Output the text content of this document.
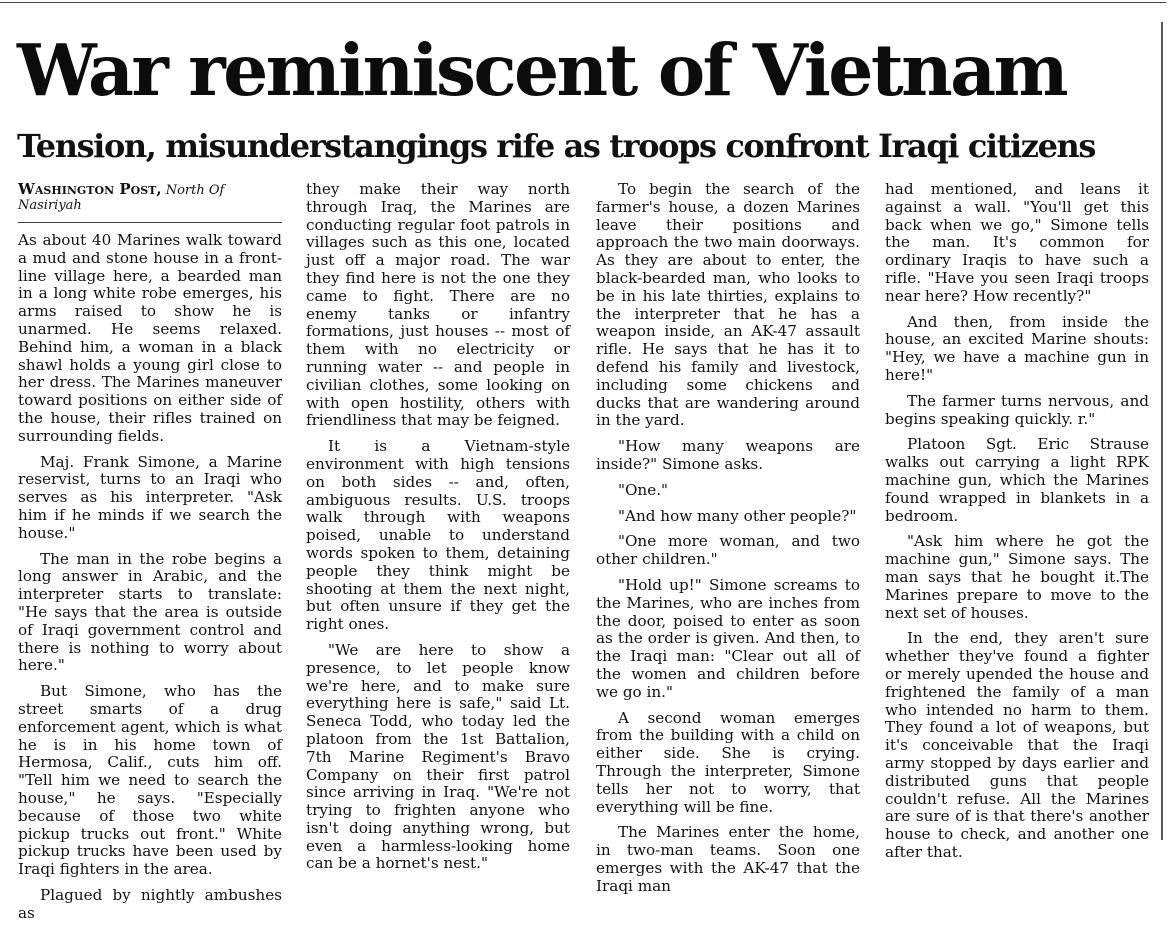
War reminiscent of Vietnam
Tension, misunderstangings rife as troops confront Iraqi citizens
Washington Post, North Of Nasiriyah

As about 40 Marines walk toward a mud and stone house in a front-line village here, a bearded man in a long white robe emerges, his arms raised to show he is unarmed. He seems relaxed. Behind him, a woman in a black shawl holds a young girl close to her dress. The Marines maneuver toward positions on either side of the house, their rifles trained on surrounding fields.

Maj. Frank Simone, a Marine reservist, turns to an Iraqi who serves as his interpreter. "Ask him if he minds if we search the house."

The man in the robe begins a long answer in Arabic, and the interpreter starts to translate: "He says that the area is outside of Iraqi government control and there is nothing to worry about here."

But Simone, who has the street smarts of a drug enforcement agent, which is what he is in his home town of Hermosa, Calif., cuts him off. "Tell him we need to search the house," he says. "Especially because of those two white pickup trucks out front." White pickup trucks have been used by Iraqi fighters in the area.

Plagued by nightly ambushes as

they make their way north through Iraq, the Marines are conducting regular foot patrols in villages such as this one, located just off a major road. The war they find here is not the one they came to fight. There are no enemy tanks or infantry formations, just houses -- most of them with no electricity or running water -- and people in civilian clothes, some looking on with open hostility, others with friendliness that may be feigned.

It is a Vietnam-style environment with high tensions on both sides -- and, often, ambiguous results. U.S. troops walk through with weapons poised, unable to understand words spoken to them, detaining people they think might be shooting at them the next night, but often unsure if they get the right ones.

"We are here to show a presence, to let people know we're here, and to make sure everything here is safe," said Lt. Seneca Todd, who today led the platoon from the 1st Battalion, 7th Marine Regiment's Bravo Company on their first patrol since arriving in Iraq. "We're not trying to frighten anyone who isn't doing anything wrong, but even a harmless-looking home can be a hornet's nest."

To begin the search of the farmer's house, a dozen Marines leave their positions and approach the two main doorways. As they are about to enter, the black-bearded man, who looks to be in his late thirties, explains to the interpreter that he has a weapon inside, an AK-47 assault rifle. He says that he has it to defend his family and livestock, including some chickens and ducks that are wandering around in the yard.

"How many weapons are inside?" Simone asks.

"One."

"And how many other people?"

"One more woman, and two other children."

"Hold up!" Simone screams to the Marines, who are inches from the door, poised to enter as soon as the order is given. And then, to the Iraqi man: "Clear out all of the women and children before we go in."

A second woman emerges from the building with a child on either side. She is crying. Through the interpreter, Simone tells her not to worry, that everything will be fine.

The Marines enter the home, in two-man teams. Soon one emerges with the AK-47 that the Iraqi man

had mentioned, and leans it against a wall. "You'll get this back when we go," Simone tells the man. It's common for ordinary Iraqis to have such a rifle. "Have you seen Iraqi troops near here? How recently?"

And then, from inside the house, an excited Marine shouts: "Hey, we have a machine gun in here!"

The farmer turns nervous, and begins speaking quickly. r."

Platoon Sgt. Eric Strause walks out carrying a light RPK machine gun, which the Marines found wrapped in blankets in a bedroom.

"Ask him where he got the machine gun," Simone says. The man says that he bought it.The Marines prepare to move to the next set of houses.

In the end, they aren't sure whether they've found a fighter or merely upended the house and frightened the family of a man who intended no harm to them. They found a lot of weapons, but it's conceivable that the Iraqi army stopped by days earlier and distributed guns that people couldn't refuse. All the Marines are sure of is that there's another house to check, and another one after that.
